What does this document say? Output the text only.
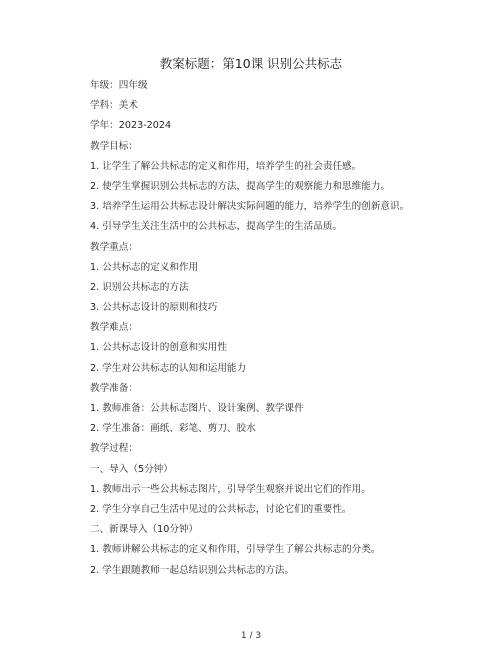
教案标题：第10课 识别公共标志
年级：四年级
学科：美术
学年：2023-2024
教学目标：
1. 让学生了解公共标志的定义和作用，培养学生的社会责任感。
2. 使学生掌握识别公共标志的方法，提高学生的观察能力和思维能力。
3. 培养学生运用公共标志设计解决实际问题的能力，培养学生的创新意识。
4. 引导学生关注生活中的公共标志，提高学生的生活品质。
教学重点：
1. 公共标志的定义和作用
2. 识别公共标志的方法
3. 公共标志设计的原则和技巧
教学难点：
1. 公共标志设计的创意和实用性
2. 学生对公共标志的认知和运用能力
教学准备：
1. 教师准备：公共标志图片、设计案例、教学课件
2. 学生准备：画纸、彩笔、剪刀、胶水
教学过程：
一、导入（5分钟）
1. 教师出示一些公共标志图片，引导学生观察并说出它们的作用。
2. 学生分享自己生活中见过的公共标志，讨论它们的重要性。
二、新课导入（10分钟）
1. 教师讲解公共标志的定义和作用，引导学生了解公共标志的分类。
2. 学生跟随教师一起总结识别公共标志的方法。
1 / 3
